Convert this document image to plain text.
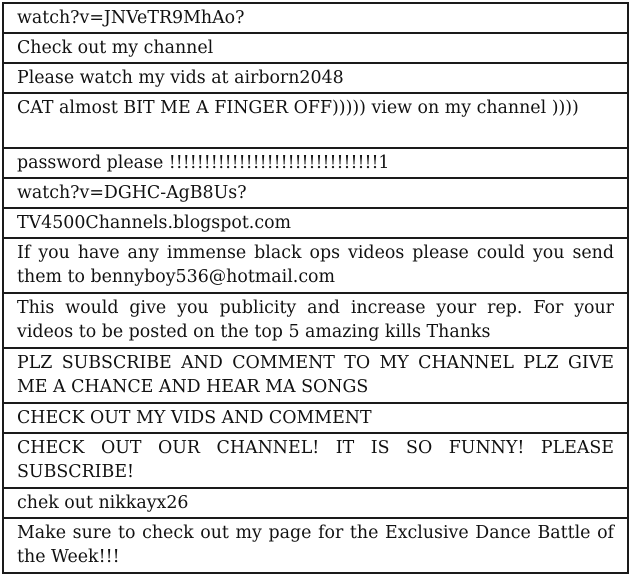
watch?v=JNVeTR9MhAo?
Check out my channel
Please watch my vids at airborn2048
CAT almost BIT ME A FINGER OFF))))) view on my channel ))))
password please !!!!!!!!!!!!!!!!!!!!!!!!!!!!!!1
watch?v=DGHC-AgB8Us?
TV4500Channels.blogspot.com
If you have any immense black ops videos please could you send them to bennyboy536@hotmail.com
This would give you publicity and increase your rep. For your videos to be posted on the top 5 amazing kills Thanks
PLZ SUBSCRIBE AND COMMENT TO MY CHANNEL PLZ GIVE ME A CHANCE AND HEAR MA SONGS
CHECK OUT MY VIDS AND COMMENT
CHECK OUT OUR CHANNEL! IT IS SO FUNNY! PLEASE SUBSCRIBE!
chek out nikkayx26
Make sure to check out my page for the Exclusive Dance Battle of the Week!!!
